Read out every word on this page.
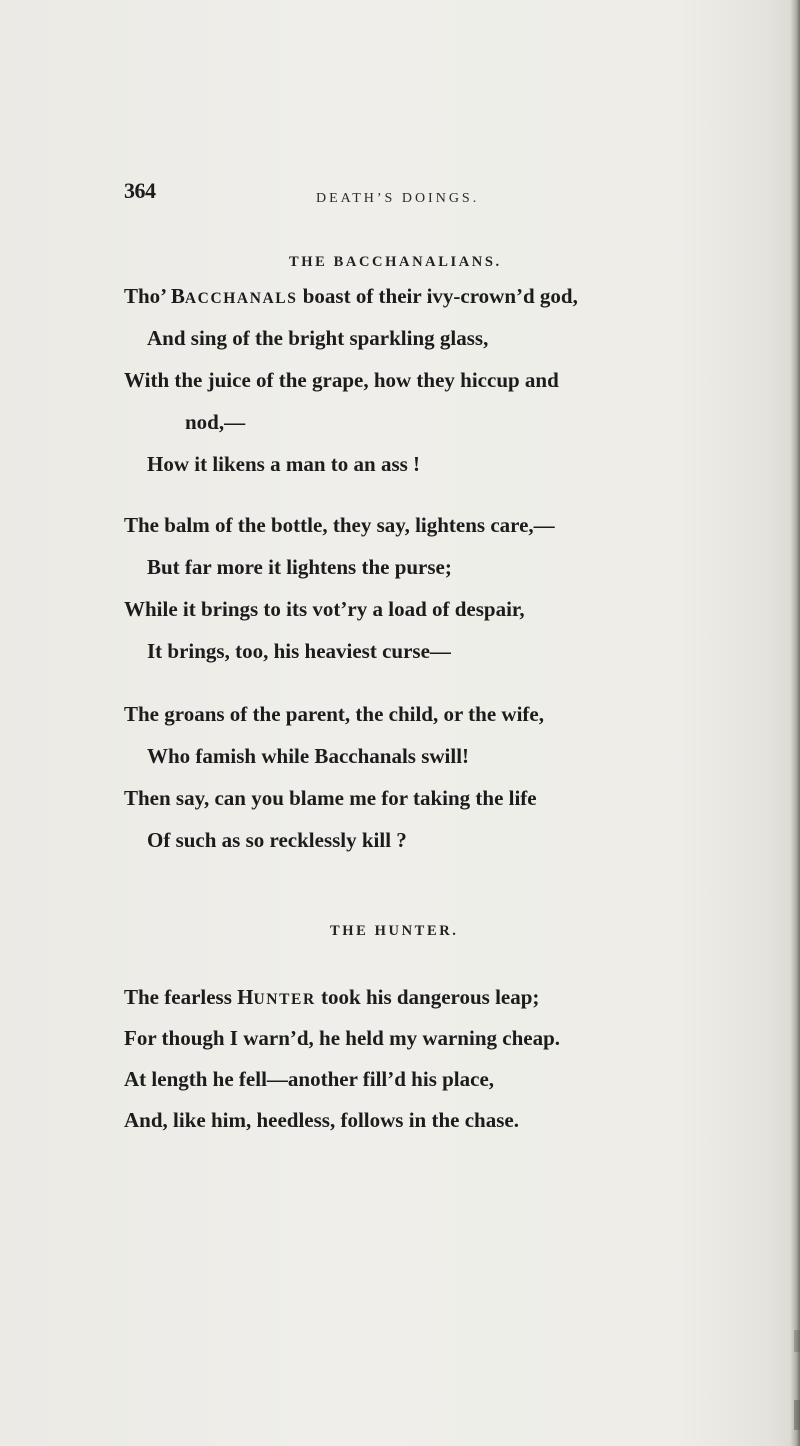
364	DEATH’S DOINGS.
THE BACCHANALIANS.
Tho’ BACCHANALS boast of their ivy-crown’d god,
And sing of the bright sparkling glass,
With the juice of the grape, how they hiccup and
nod,—
How it likens a man to an ass !
The balm of the bottle, they say, lightens care,—
But far more it lightens the purse;
While it brings to its vot’ry a load of despair,
It brings, too, his heaviest curse—
The groans of the parent, the child, or the wife,
Who famish while Bacchanals swill!
Then say, can you blame me for taking the life
Of such as so recklessly kill ?
THE HUNTER.
The fearless HUNTER took his dangerous leap;
For though I warn’d, he held my warning cheap.
At length he fell—another fill’d his place,
And, like him, heedless, follows in the chase.
